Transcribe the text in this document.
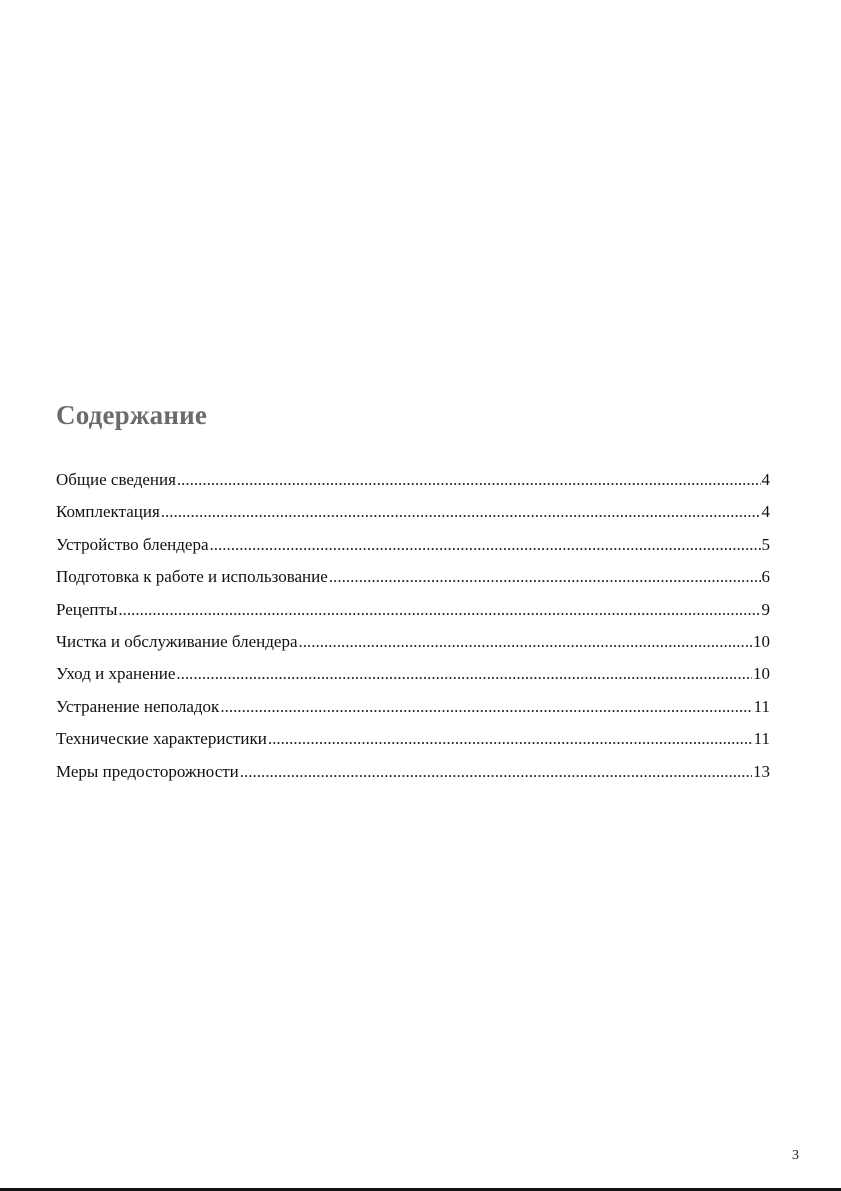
Содержание
Общие сведения .....	4
Комплектация .....	4
Устройство блендера .....	5
Подготовка к работе и использование .....	6
Рецепты .....	9
Чистка и обслуживание блендера .....	10
Уход и хранение .....	10
Устранение неполадок .....	11
Технические характеристики .....	11
Меры предосторожности .....	13
3
